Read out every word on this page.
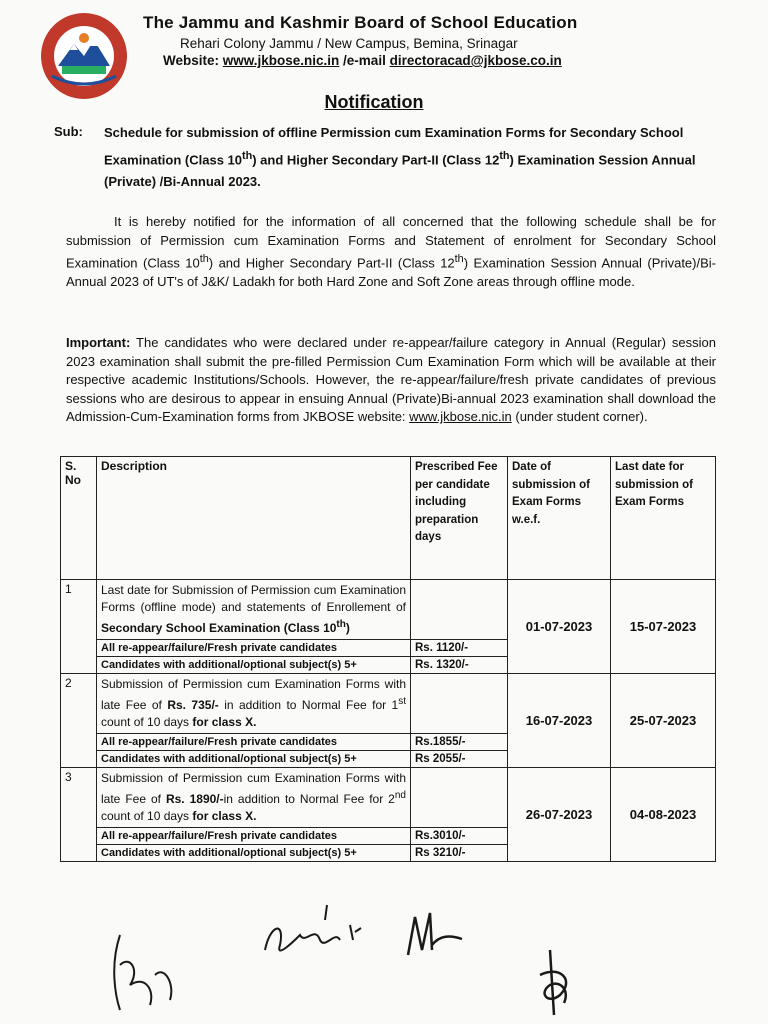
The Jammu and Kashmir Board of School Education
Rehari Colony Jammu / New Campus, Bemina, Srinagar
Website: www.jkbose.nic.in /e-mail directoracad@jkbose.co.in
Notification
Sub: Schedule for submission of offline Permission cum Examination Forms for Secondary School Examination (Class 10th) and Higher Secondary Part-II (Class 12th) Examination Session Annual (Private) /Bi-Annual 2023.
It is hereby notified for the information of all concerned that the following schedule shall be for submission of Permission cum Examination Forms and Statement of enrolment for Secondary School Examination (Class 10th) and Higher Secondary Part-II (Class 12th) Examination Session Annual (Private)/Bi-Annual 2023 of UT's of J&K/ Ladakh for both Hard Zone and Soft Zone areas through offline mode.
Important: The candidates who were declared under re-appear/failure category in Annual (Regular) session 2023 examination shall submit the pre-filled Permission Cum Examination Form which will be available at their respective academic Institutions/Schools. However, the re-appear/failure/fresh private candidates of previous sessions who are desirous to appear in ensuing Annual (Private)Bi-annual 2023 examination shall download the Admission-Cum-Examination forms from JKBOSE website: www.jkbose.nic.in (under student corner).
S. No	Description	Prescribed Fee per candidate including preparation days	Date of submission of Exam Forms w.e.f.	Last date for submission of Exam Forms
1	Last date for Submission of Permission cum Examination Forms (offline mode) and statements of Enrollement of Secondary School Examination (Class 10th)		01-07-2023	15-07-2023
	All re-appear/failure/Fresh private candidates	Rs. 1120/-		
	Candidates with additional/optional subject(s) 5+	Rs. 1320/-		
2	Submission of Permission cum Examination Forms with late Fee of Rs. 735/- in addition to Normal Fee for 1st count of 10 days for class X.		16-07-2023	25-07-2023
	All re-appear/failure/Fresh private candidates	Rs.1855/-		
	Candidates with additional/optional subject(s) 5+	Rs 2055/-		
3	Submission of Permission cum Examination Forms with late Fee of Rs. 1890/-in addition to Normal Fee for 2nd count of 10 days for class X.		26-07-2023	04-08-2023
	All re-appear/failure/Fresh private candidates	Rs.3010/-		
	Candidates with additional/optional subject(s) 5+	Rs 3210/-		
